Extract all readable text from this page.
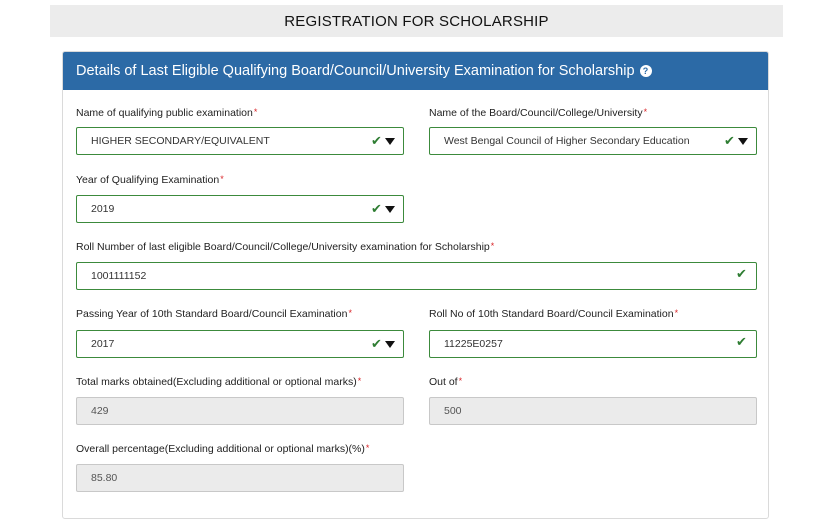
REGISTRATION FOR SCHOLARSHIP
Details of Last Eligible Qualifying Board/Council/University Examination for Scholarship ?
Name of qualifying public examination*
HIGHER SECONDARY/EQUIVALENT	✔
Name of the Board/Council/College/University*
West Bengal Council of Higher Secondary Education	✔
Year of Qualifying Examination*
2019	✔
Roll Number of last eligible Board/Council/College/University examination for Scholarship*
1001111152	✔
Passing Year of 10th Standard Board/Council Examination*
2017	✔
Roll No of 10th Standard Board/Council Examination*
11225E0257	✔
Total marks obtained(Excluding additional or optional marks)*
429
Out of*
500
Overall percentage(Excluding additional or optional marks)(%)*
85.80
